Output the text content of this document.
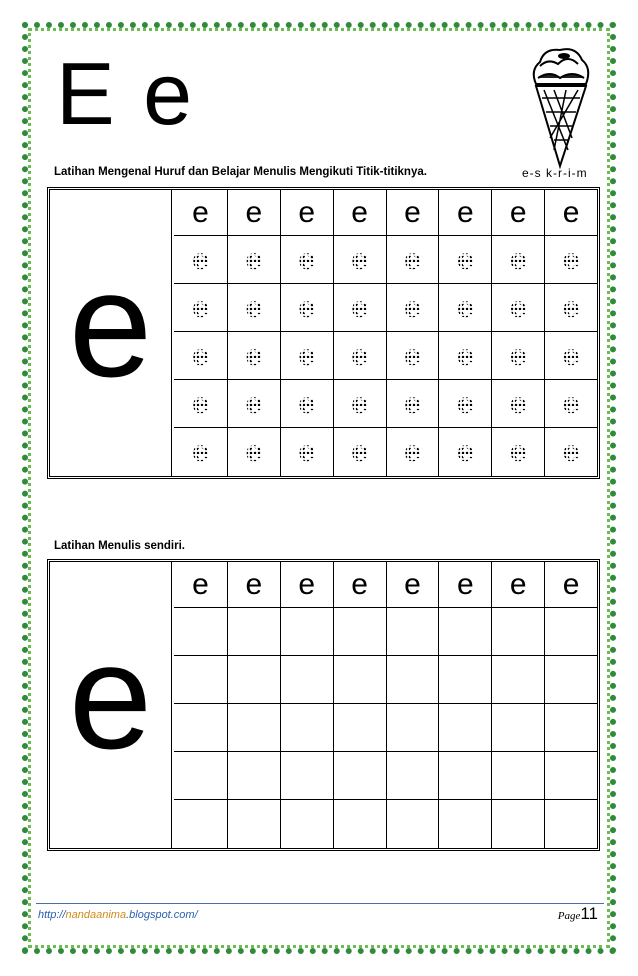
E e
e-s k-r-i-m
Latihan Mengenal Huruf dan Belajar Menulis Mengikuti Titik-titiknya.
e
e e e e e e e e
e e e e e e e e
e e e e e e e e
e e e e e e e e
e e e e e e e e
e e e e e e e e
Latihan Menulis sendiri.
e
e e e e e e e e
http://nandaanima.blogspot.com/	Page11
